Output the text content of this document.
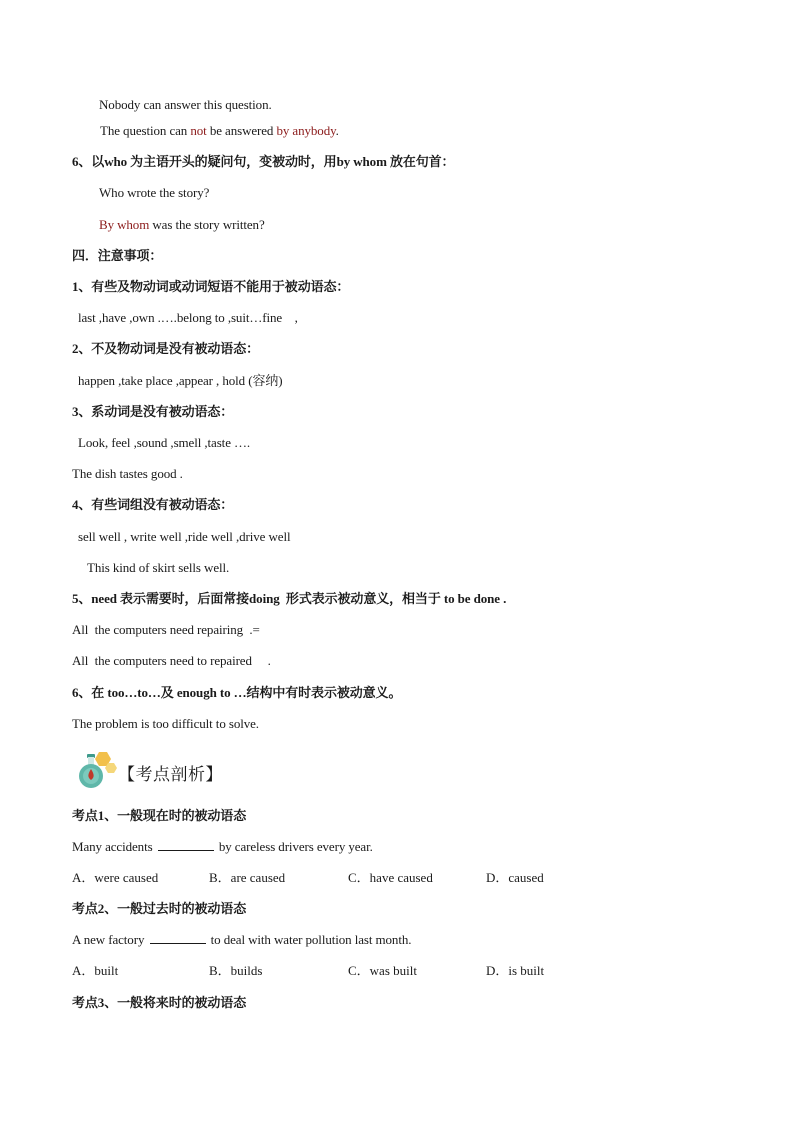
Nobody can answer this question.
The question can not be answered by anybody.
6、以who 为主语开头的疑问句，变被动时，用by whom 放在句首：
Who wrote the story?
By whom was the story written?
四．注意事项：
1、有些及物动词或动词短语不能用于被动语态：
last ,have ,own .….belong to ,suit…fine    ,
2、不及物动词是没有被动语态：
happen ,take place ,appear , hold (容纳)
3、系动词是没有被动语态：
Look, feel ,sound ,smell ,taste ….
The dish tastes good .
4、有些词组没有被动语态：
sell well , write well ,ride well ,drive well
This kind of skirt sells well.
5、need 表示需要时，后面常接doing  形式表示被动意义，相当于 to be done .
All  the computers need repairing  .=
All  the computers need to repaired     .
6、在 too…to…及 enough to …结构中有时表示被动意义。
The problem is too difficult to solve.
【考点剖析】
考点1、一般现在时的被动语态
Many accidents	by careless drivers every year.
A．were caused	B．are caused	C．have caused	D．caused
考点2、一般过去时的被动语态
A new factory	to deal with water pollution last month.
A．built	B．builds	C．was built	D．is built
考点3、一般将来时的被动语态
